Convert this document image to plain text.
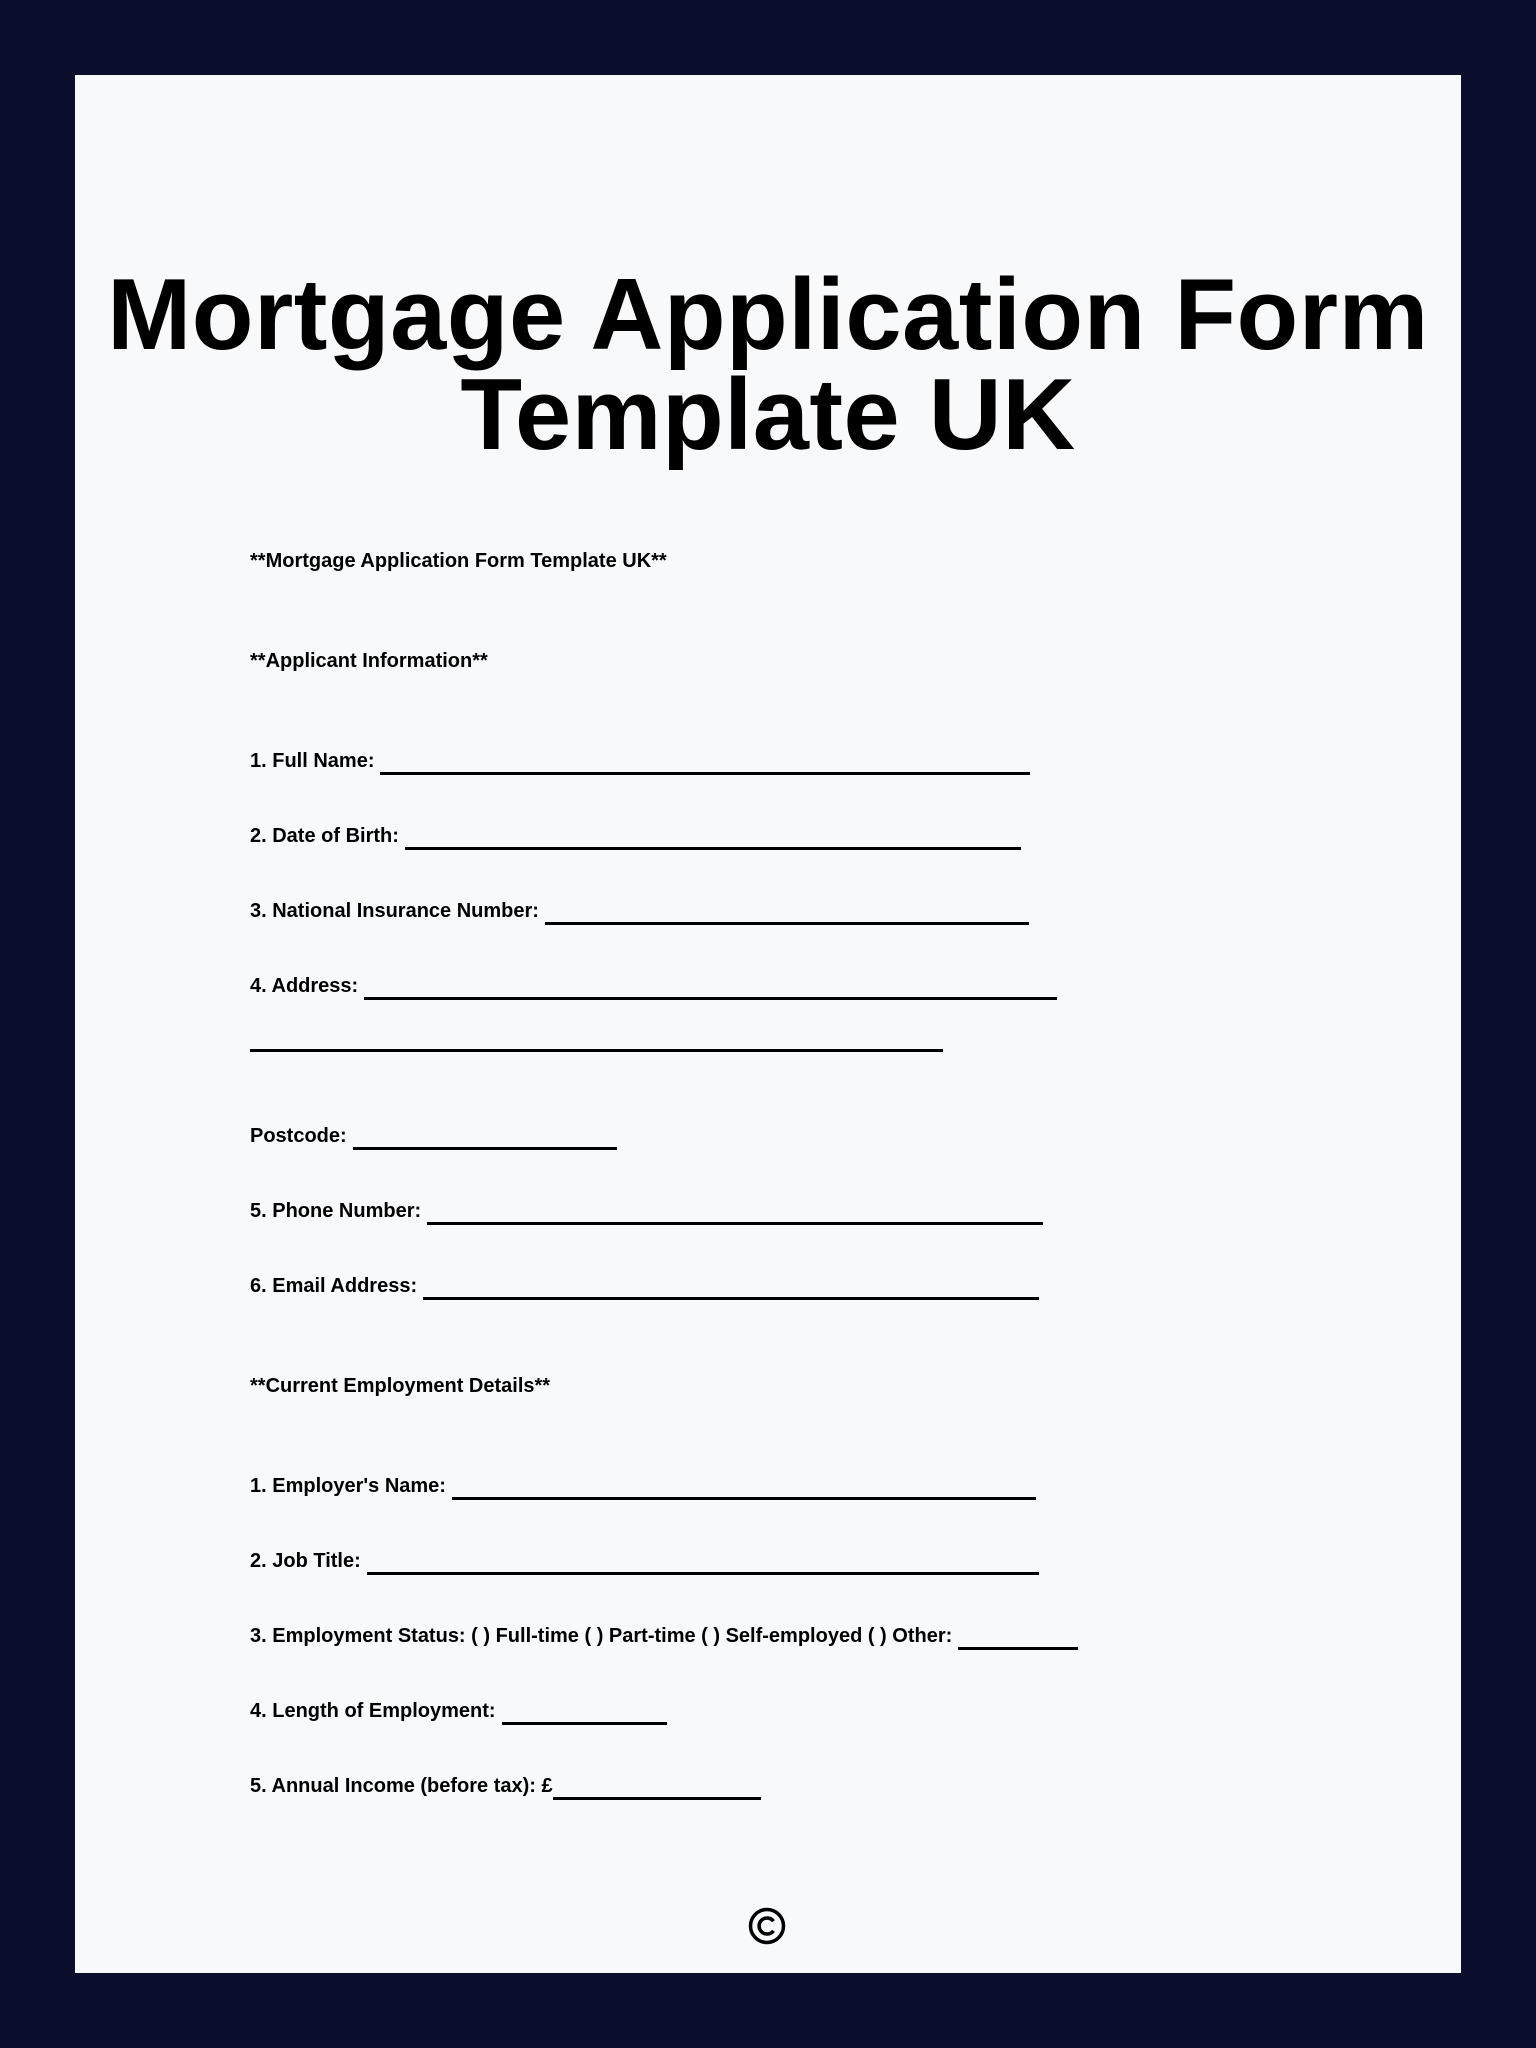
Mortgage Application Form
Template UK
**Mortgage Application Form Template UK**
**Applicant Information**
1. Full Name:
2. Date of Birth:
3. National Insurance Number:
4. Address:
Postcode:
5. Phone Number:
6. Email Address:
**Current Employment Details**
1. Employer's Name:
2. Job Title:
3. Employment Status: ( ) Full-time ( ) Part-time ( ) Self-employed ( ) Other:
4. Length of Employment:
5. Annual Income (before tax): £
